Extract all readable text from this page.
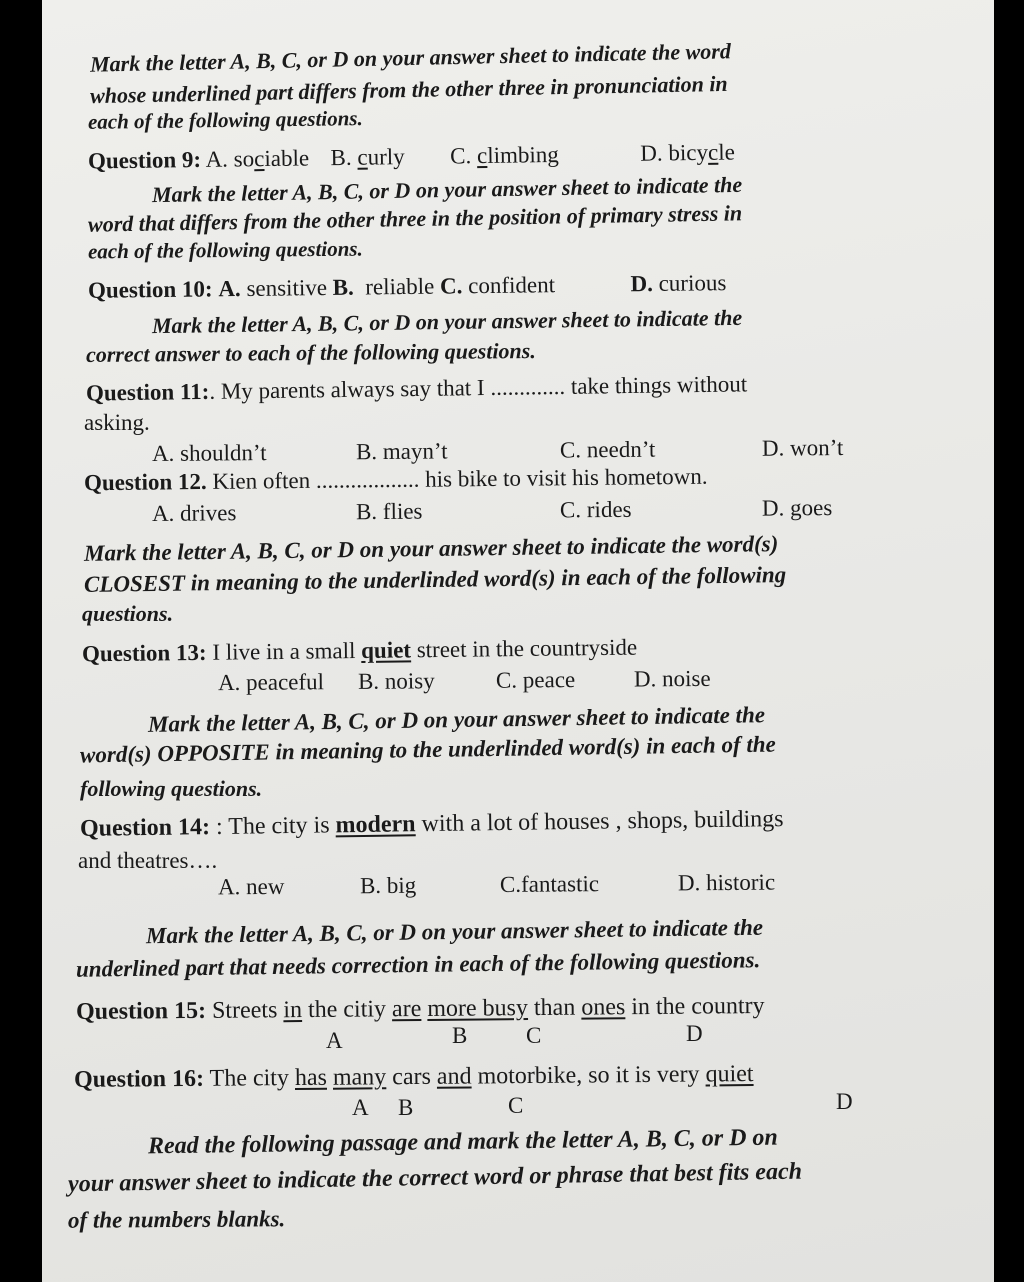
Mark the letter A, B, C, or D on your answer sheet to indicate the word
whose underlined part differs from the other three in pronunciation in
each of the following questions.
Question 9: A. sociable B. curly C. climbing	D. bicycle
Mark the letter A, B, C, or D on your answer sheet to indicate the
word that differs from the other three in the position of primary stress in
each of the following questions.
Question 10: A. sensitive B. reliable C. confident	D. curious
Mark the letter A, B, C, or D on your answer sheet to indicate the
correct answer to each of the following questions.
Question 11:. My parents always say that I ............. take things without
asking.
A. shouldn’t	B. mayn’t	C. needn’t	D. won’t
Question 12. Kien often .................. his bike to visit his hometown.
A. drives	B. flies	C. rides	D. goes
Mark the letter A, B, C, or D on your answer sheet to indicate the word(s)
CLOSEST in meaning to the underlinded word(s) in each of the following
questions.
Question 13: I live in a small quiet street in the countryside
A. peaceful B. noisy	C. peace	D. noise
Mark the letter A, B, C, or D on your answer sheet to indicate the
word(s) OPPOSITE in meaning to the underlinded word(s) in each of the
following questions.
Question 14: : The city is modern with a lot of houses , shops, buildings
and theatres….
A. new	B. big	C.fantastic	D. historic
Mark the letter A, B, C, or D on your answer sheet to indicate the
underlined part that needs correction in each of the following questions.
Question 15: Streets in the citiy are more busy than ones in the country
A	B	C	D
Question 16: The city has many cars and motorbike, so it is very quiet
A B	C	D
Read the following passage and mark the letter A, B, C, or D on
your answer sheet to indicate the correct word or phrase that best fits each
of the numbers blanks.
